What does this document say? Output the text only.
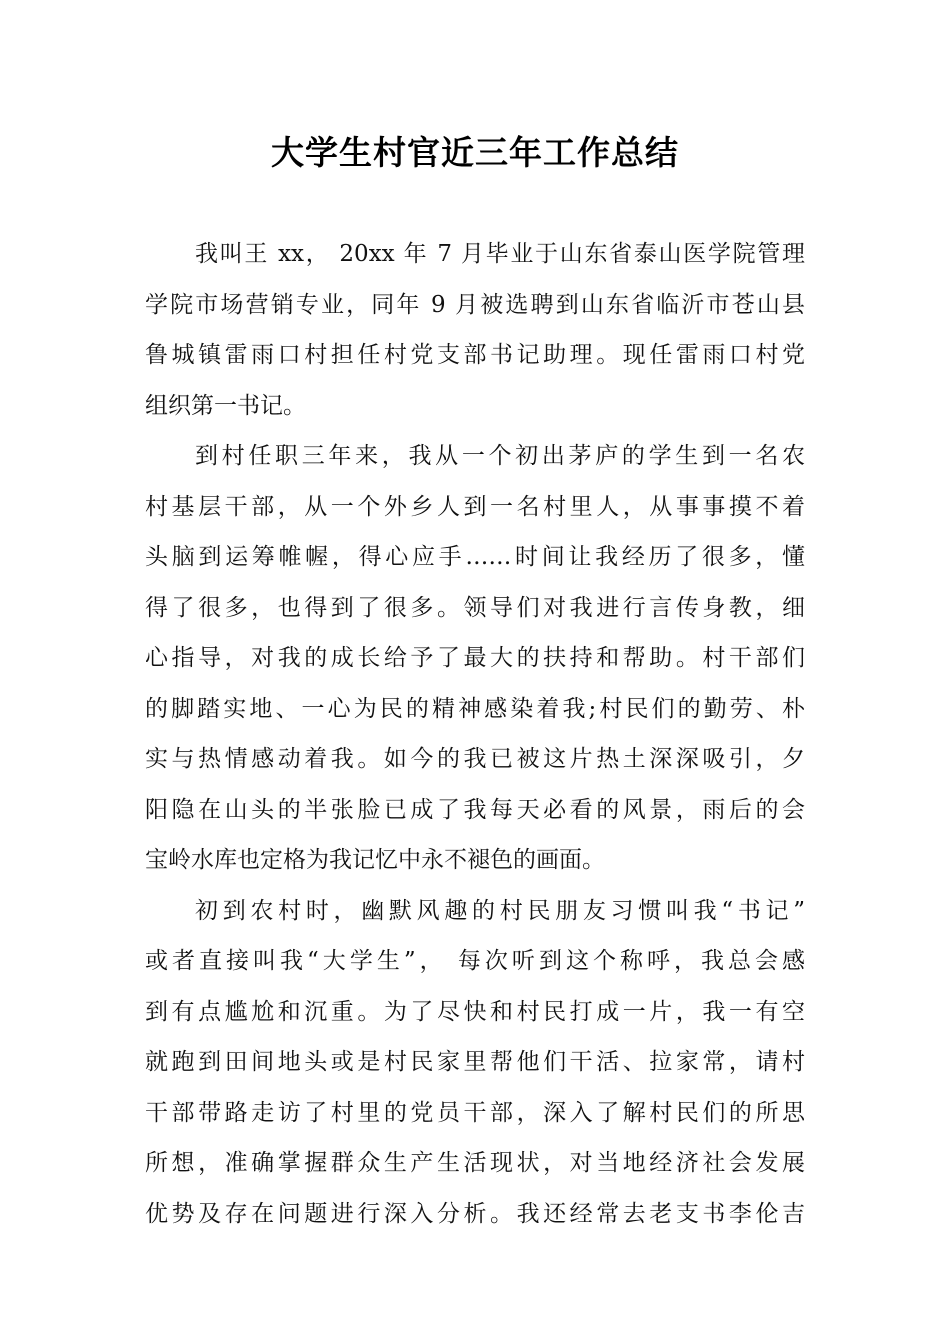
大学生村官近三年工作总结
我叫王 xx， 20xx 年 7 月毕业于山东省泰山医学院管理
学院市场营销专业，同年 9 月被选聘到山东省临沂市苍山县
鲁城镇雷雨口村担任村党支部书记助理。现任雷雨口村党
组织第一书记。
到村任职三年来，我从一个初出茅庐的学生到一名农
村基层干部，从一个外乡人到一名村里人，从事事摸不着
头脑到运筹帷幄，得心应手……时间让我经历了很多，懂
得了很多，也得到了很多。领导们对我进行言传身教，细
心指导，对我的成长给予了最大的扶持和帮助。村干部们
的脚踏实地、一心为民的精神感染着我;村民们的勤劳、朴
实与热情感动着我。如今的我已被这片热土深深吸引，夕
阳隐在山头的半张脸已成了我每天必看的风景，雨后的会
宝岭水库也定格为我记忆中永不褪色的画面。
初到农村时，幽默风趣的村民朋友习惯叫我“书记”
或者直接叫我“大学生”， 每次听到这个称呼，我总会感
到有点尴尬和沉重。为了尽快和村民打成一片，我一有空
就跑到田间地头或是村民家里帮他们干活、拉家常，请村
干部带路走访了村里的党员干部，深入了解村民们的所思
所想，准确掌握群众生产生活现状，对当地经济社会发展
优势及存在问题进行深入分析。我还经常去老支书李伦吉
